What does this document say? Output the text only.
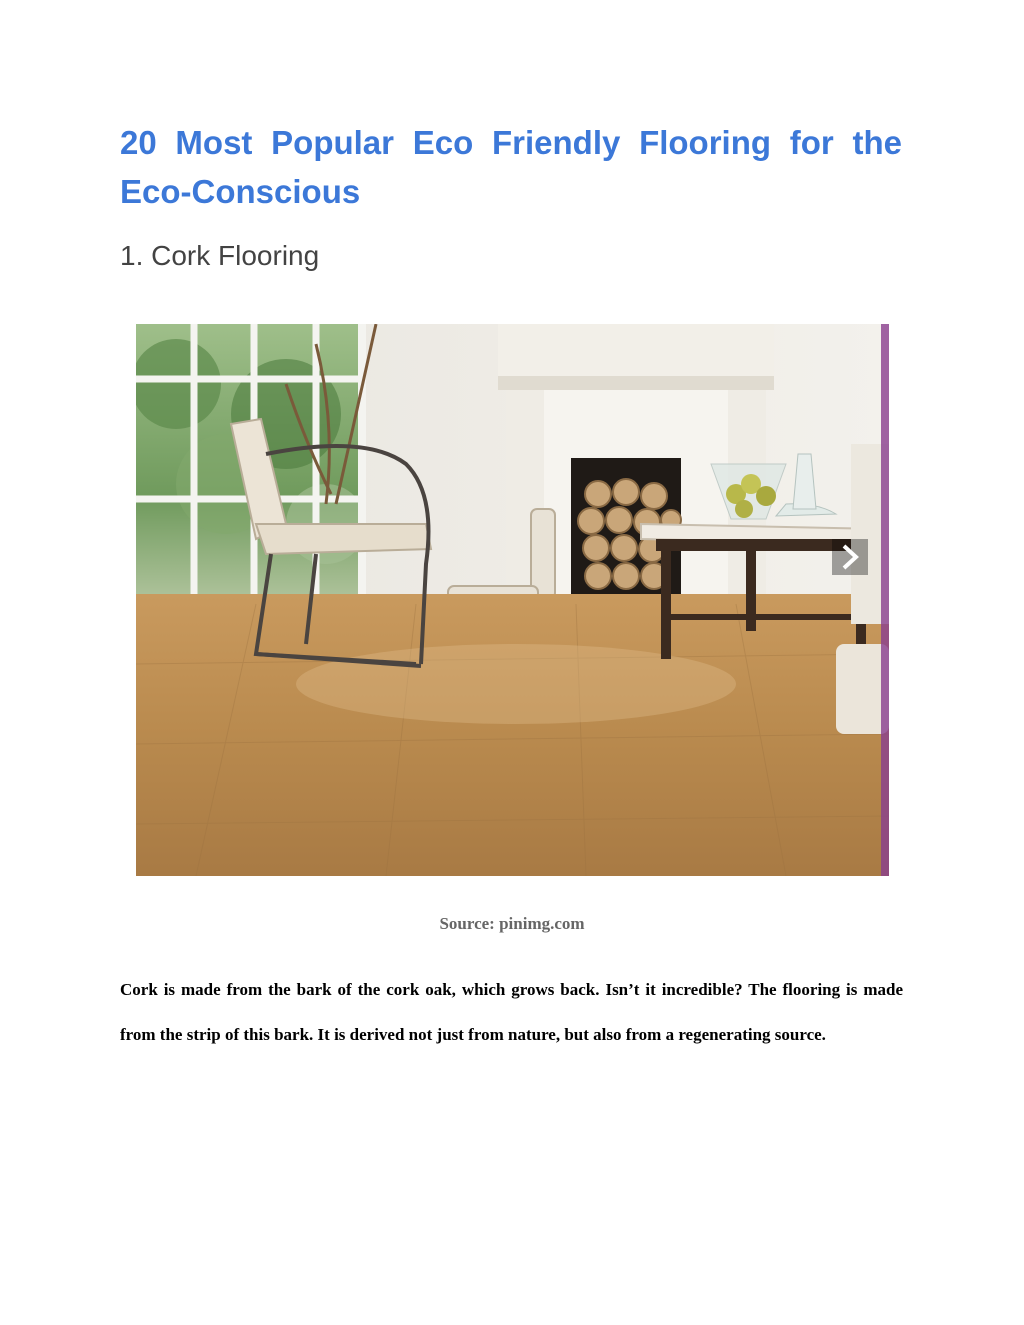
20 Most Popular Eco Friendly Flooring for the Eco-Conscious
1. Cork Flooring

Source: pinimg.com

Cork is made from the bark of the cork oak, which grows back. Isn’t it incredible? The flooring is made from the strip of this bark. It is derived not just from nature, but also from a regenerating source.
